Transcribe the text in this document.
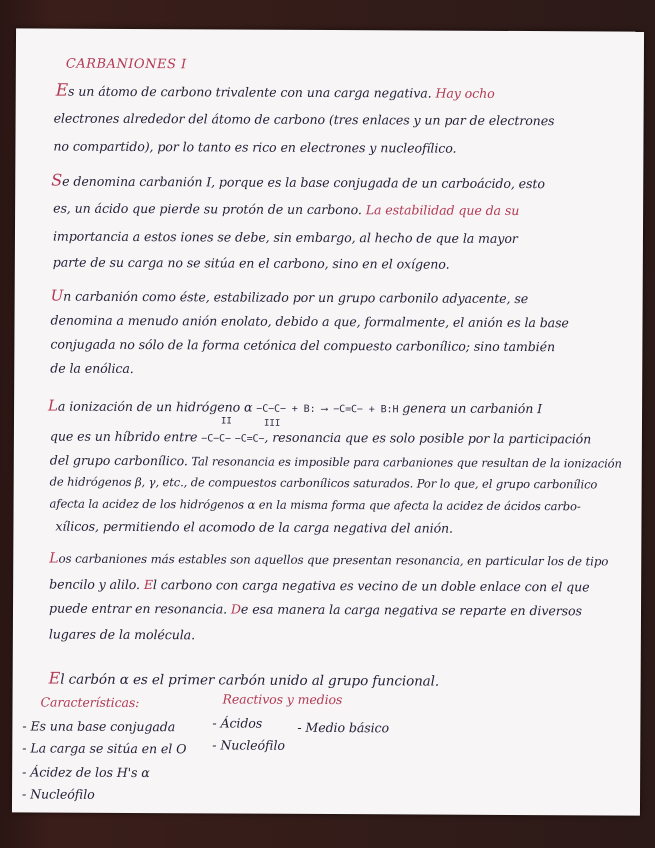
CARBANIONES I
Es un átomo de carbono trivalente con una carga negativa. Hay ocho
electrones alrededor del átomo de carbono (tres enlaces y un par de electrones
no compartido), por lo tanto es rico en electrones y nucleofílico.
Se denomina carbanión I, porque es la base conjugada de un carboácido, esto
es, un ácido que pierde su protón de un carbono. La estabilidad que da su
importancia a estos iones se debe, sin embargo, al hecho de que la mayor
parte de su carga no se sitúa en el carbono, sino en el oxígeno.
Un carbanión como éste, estabilizado por un grupo carbonilo adyacente, se
denomina a menudo anión enolato, debido a que, formalmente, el anión es la base
conjugada no sólo de la forma cetónica del compuesto carbonílico; sino también
de la enólica.
La ionización de un hidrógeno α −C−C− + B: ⟶ −C=C− + B:H genera un carbanión I
que es un híbrido entre −C−C− −C=C−, resonancia que es solo posible por la participación
II	III
del grupo carbonílico. Tal resonancia es imposible para carbaniones que resultan de la ionización
de hidrógenos β, γ, etc., de compuestos carbonílicos saturados. Por lo que, el grupo carbonílico
afecta la acidez de los hidrógenos α en la misma forma que afecta la acidez de ácidos carbo-
xílicos, permitiendo el acomodo de la carga negativa del anión.
Los carbaniones más estables son aquellos que presentan resonancia, en particular los de tipo
bencilo y alilo. El carbono con carga negativa es vecino de un doble enlace con el que
puede entrar en resonancia. De esa manera la carga negativa se reparte en diversos
lugares de la molécula.
El carbón α es el primer carbón unido al grupo funcional.
Características:	Reactivos y medios
- Es una base conjugada
- La carga se sitúa en el O
- Ácidez de los H's α
- Nucleófilo
- Ácidos
- Nucleófilo
- Medio básico
